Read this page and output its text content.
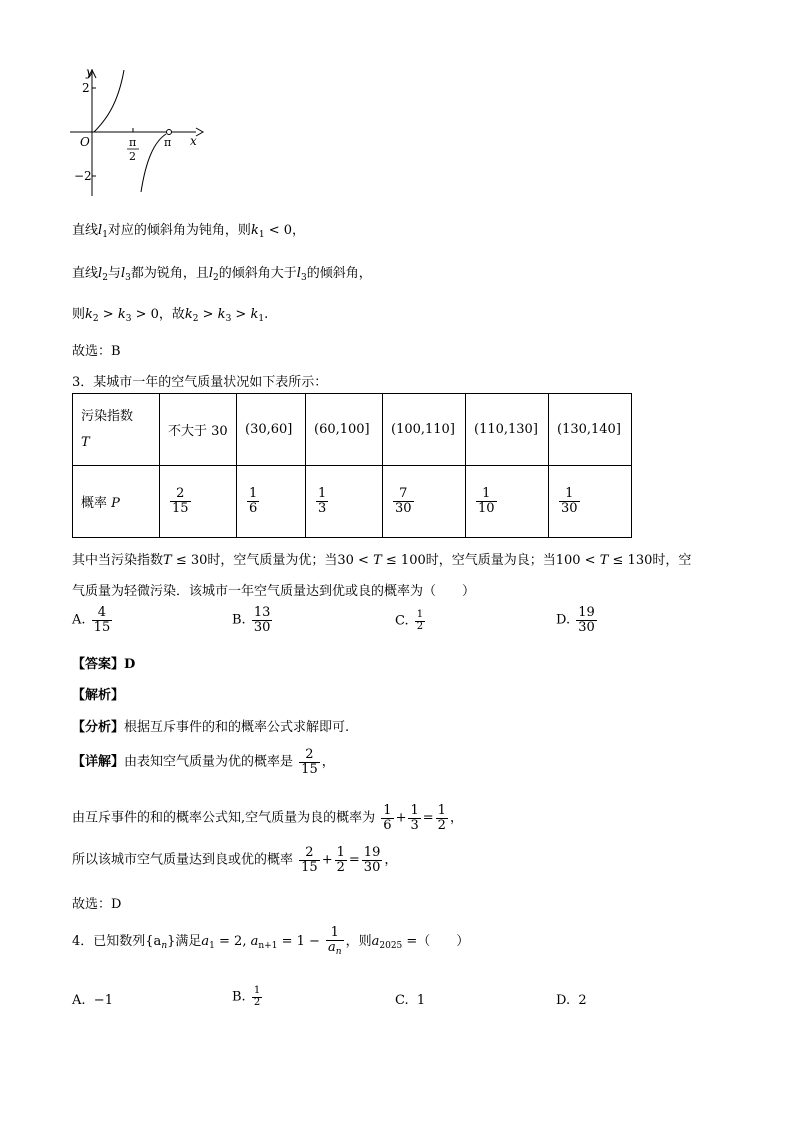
y
x
O
2
−2
π
2
π
直线$l_1$对应的倾斜角为钝角，则$k_1 < 0$，
直线$l_2$与$l_3$都为锐角，且$l_2$的倾斜角大于$l_3$的倾斜角，
则$k_2 > k_3 > 0$，故$k_2 > k_3 > k_1$.
故选：B
3．某城市一年的空气质量状况如下表所示：
污染指数
T	不大于 30	(30,60]	(60,100]	(100,110]	(110,130]	(130,140]
概率 P	$\frac{2}{15}$	$\frac{1}{6}$	$\frac{1}{3}$	$\frac{7}{30}$	$\frac{1}{10}$	$\frac{1}{30}$
其中当污染指数T ≤ 30时，空气质量为优；当30 < T ≤ 100时，空气质量为良；当100 < T ≤ 130时，空
气质量为轻微污染．该城市一年空气质量达到优或良的概率为（　　）
A. $\frac{4}{15}$	B. $\frac{13}{30}$	C. $\frac{1}{2}$	D. $\frac{19}{30}$
【答案】D
【解析】
【分析】根据互斥事件的和的概率公式求解即可.
【详解】由表知空气质量为优的概率是 $\frac{2}{15}$ ，
由互斥事件的和的概率公式知,空气质量为良的概率为 $\frac{1}{6} + \frac{1}{3} = \frac{1}{2}$ ，
所以该城市空气质量达到良或优的概率 $\frac{2}{15} + \frac{1}{2} = \frac{19}{30}$ ，
故选：D
4．已知数列$\{a_n\}$满足$a_1 = 2$, $a_{n+1} = 1 - \frac{1}{a_n}$ ，则$a_{2025}$ =（　　）
A. −1	B. $\frac{1}{2}$	C. 1	D. 2
